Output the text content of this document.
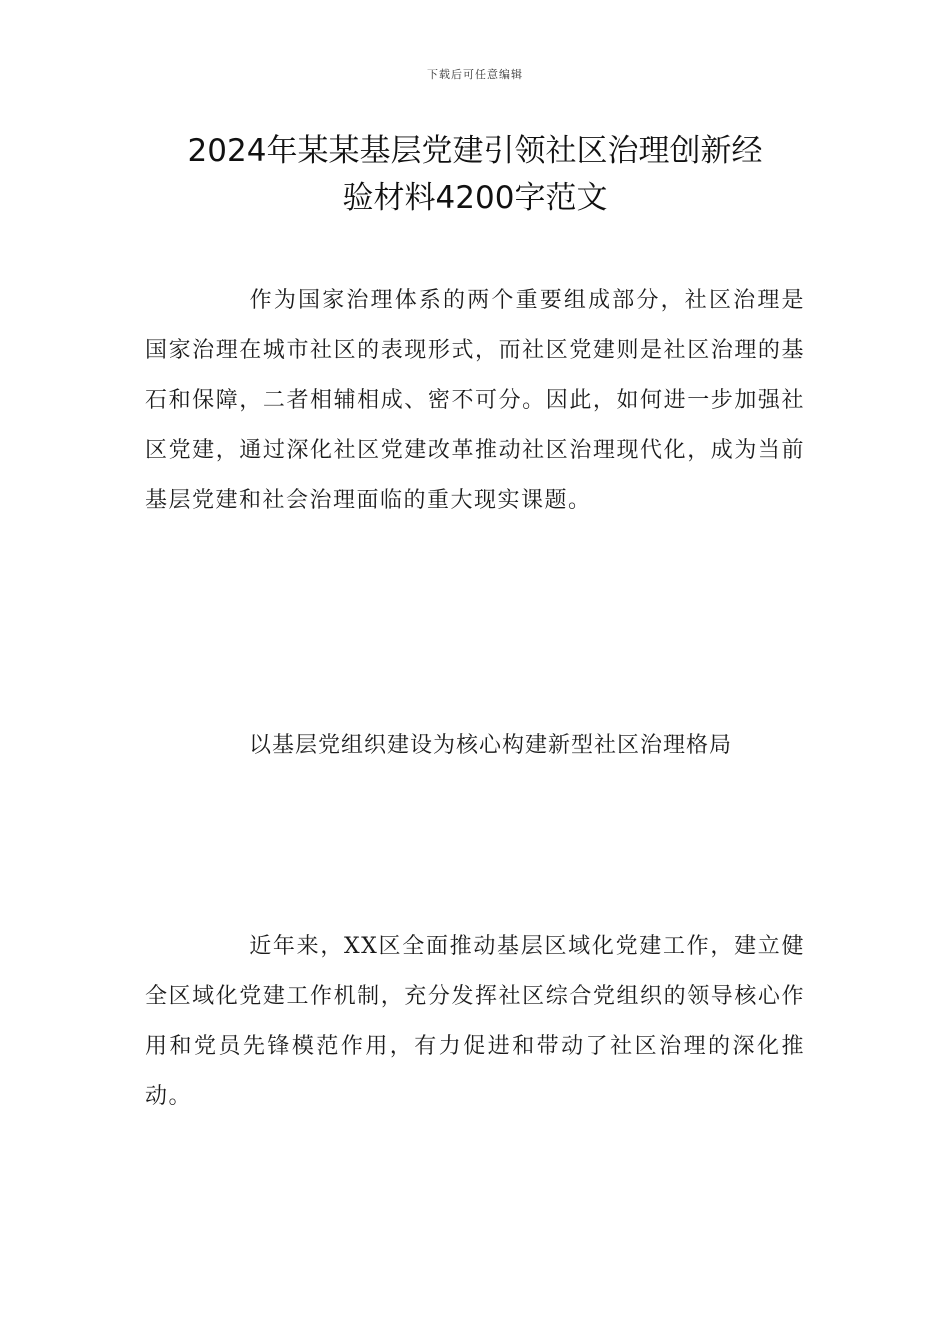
下载后可任意编辑
2024年某某基层党建引领社区治理创新经
验材料4200字范文

作为国家治理体系的两个重要组成部分，社区治理是国家治理在城市社区的表现形式，而社区党建则是社区治理的基石和保障，二者相辅相成、密不可分。因此，如何进一步加强社区党建，通过深化社区党建改革推动社区治理现代化，成为当前基层党建和社会治理面临的重大现实课题。

以基层党组织建设为核心构建新型社区治理格局

近年来，XX区全面推动基层区域化党建工作，建立健全区域化党建工作机制，充分发挥社区综合党组织的领导核心作用和党员先锋模范作用，有力促进和带动了社区治理的深化推动。
